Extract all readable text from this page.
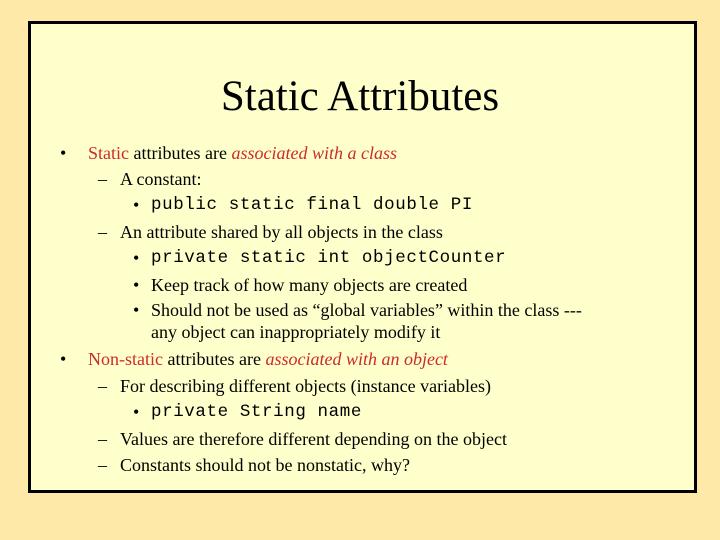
Static Attributes
• Static attributes are associated with a class
– A constant:
• public static final double PI
– An attribute shared by all objects in the class
• private static int objectCounter
• Keep track of how many objects are created
• Should not be used as “global variables” within the class ---
any object can inappropriately modify it
• Non-static attributes are associated with an object
– For describing different objects (instance variables)
• private String name
– Values are therefore different depending on the object
– Constants should not be nonstatic, why?
